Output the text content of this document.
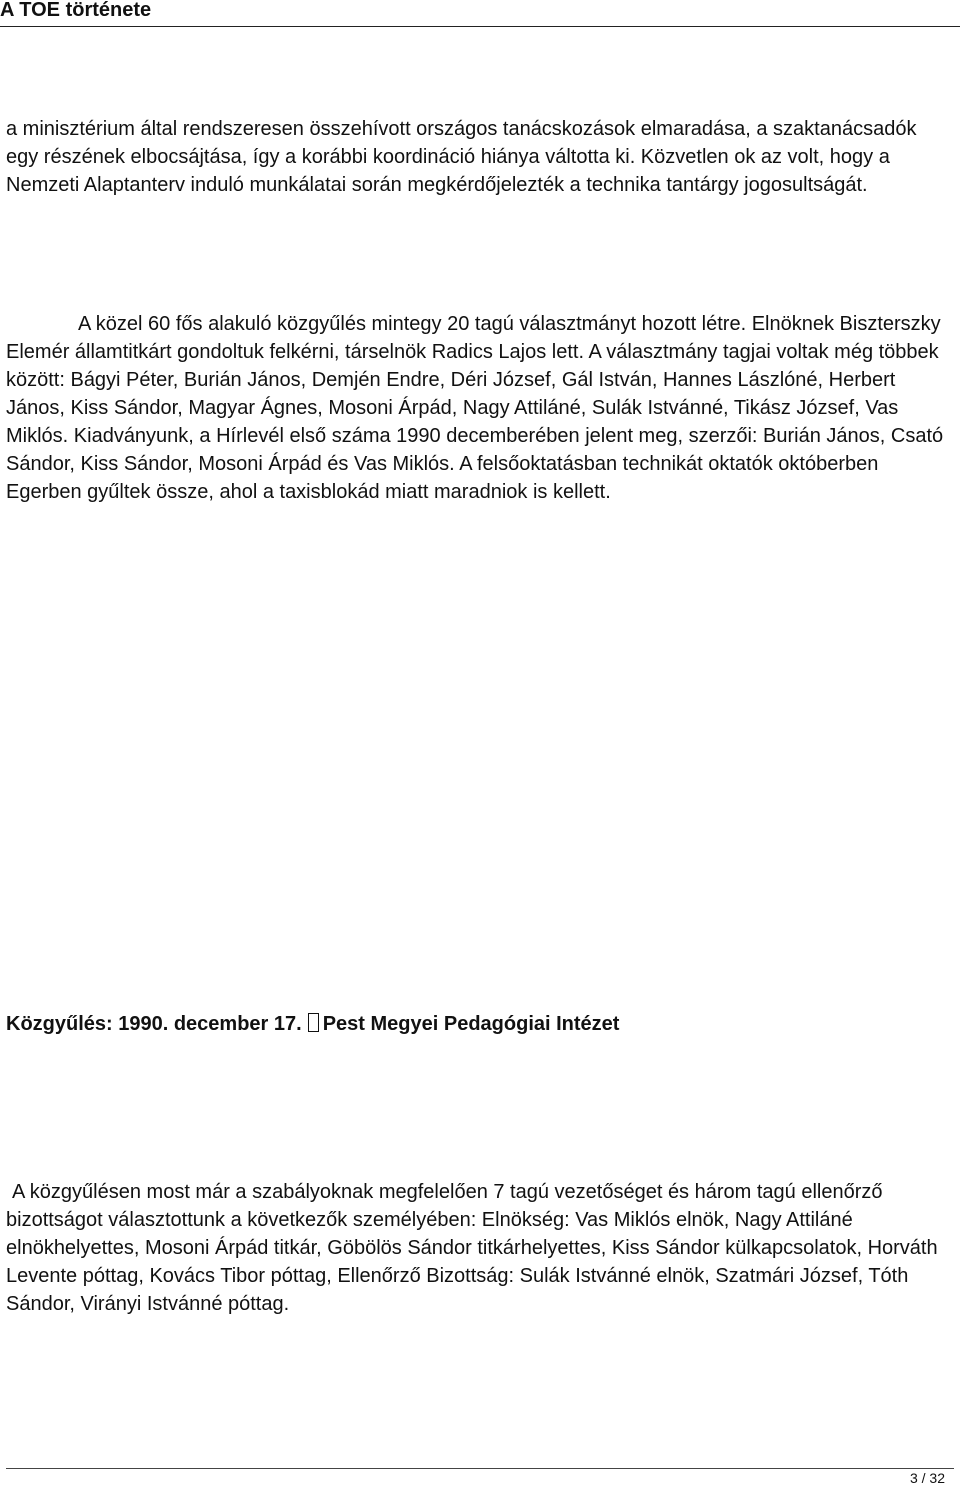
A TOE története

a minisztérium által rendszeresen összehívott országos tanácskozások elmaradása, a szaktanácsadók egy részének elbocsájtása, így a korábbi koordináció hiánya váltotta ki. Közvetlen ok az volt, hogy a Nemzeti Alaptanterv induló munkálatai során megkérdőjelezték a technika tantárgy jogosultságát.

A közel 60 fős alakuló közgyűlés mintegy 20 tagú választmányt hozott létre. Elnöknek Biszterszky Elemér államtitkárt gondoltuk felkérni, társelnök Radics Lajos lett. A választmány tagjai voltak még többek között: Bágyi Péter, Burián János, Demjén Endre, Déri József, Gál István, Hannes Lászlóné, Herbert János, Kiss Sándor, Magyar Ágnes, Mosoni Árpád, Nagy Attiláné, Sulák Istvánné, Tikász József, Vas Miklós. Kiadványunk, a Hírlevél első száma 1990 decemberében jelent meg, szerzői: Burián János, Csató Sándor, Kiss Sándor, Mosoni Árpád és Vas Miklós. A felsőoktatásban technikát oktatók októberben Egerben gyűltek össze, ahol a taxisblokád miatt maradniok is kellett.

Közgyűlés: 1990. december 17. Pest Megyei Pedagógiai Intézet

A közgyűlésen most már a szabályoknak megfelelően 7 tagú vezetőséget és három tagú ellenőrző bizottságot választottunk a következők személyében: Elnökség: Vas Miklós elnök, Nagy Attiláné elnökhelyettes, Mosoni Árpád titkár, Göbölös Sándor titkárhelyettes, Kiss Sándor külkapcsolatok, Horváth Levente póttag, Kovács Tibor póttag, Ellenőrző Bizottság: Sulák Istvánné elnök, Szatmári József, Tóth Sándor, Virányi Istvánné póttag.

3 / 32
